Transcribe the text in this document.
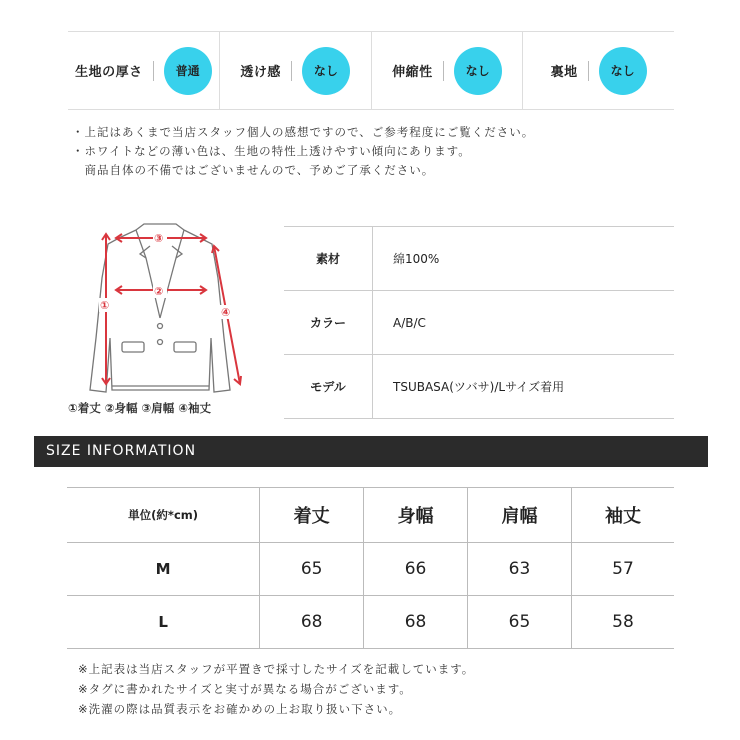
生地の厚さ	普通	透け感	なし	伸縮性	なし	裏地	なし
・上記はあくまで当店スタッフ個人の感想ですので、ご参考程度にご覧ください。
・ホワイトなどの薄い色は、生地の特性上透けやすい傾向にあります。
　商品自体の不備ではございませんので、予めご了承ください。
①
②
③
④
①着丈 ②身幅 ③肩幅 ④袖丈
素材	綿100%
カラー	A/B/C
モデル	TSUBASA(ツバサ)/Lサイズ着用
SIZE INFORMATION
単位(約*cm)	着丈	身幅	肩幅	袖丈
M	65	66	63	57
L	68	68	65	58
※上記表は当店スタッフが平置きで採寸したサイズを記載しています。
※タグに書かれたサイズと実寸が異なる場合がございます。
※洗濯の際は品質表示をお確かめの上お取り扱い下さい。
